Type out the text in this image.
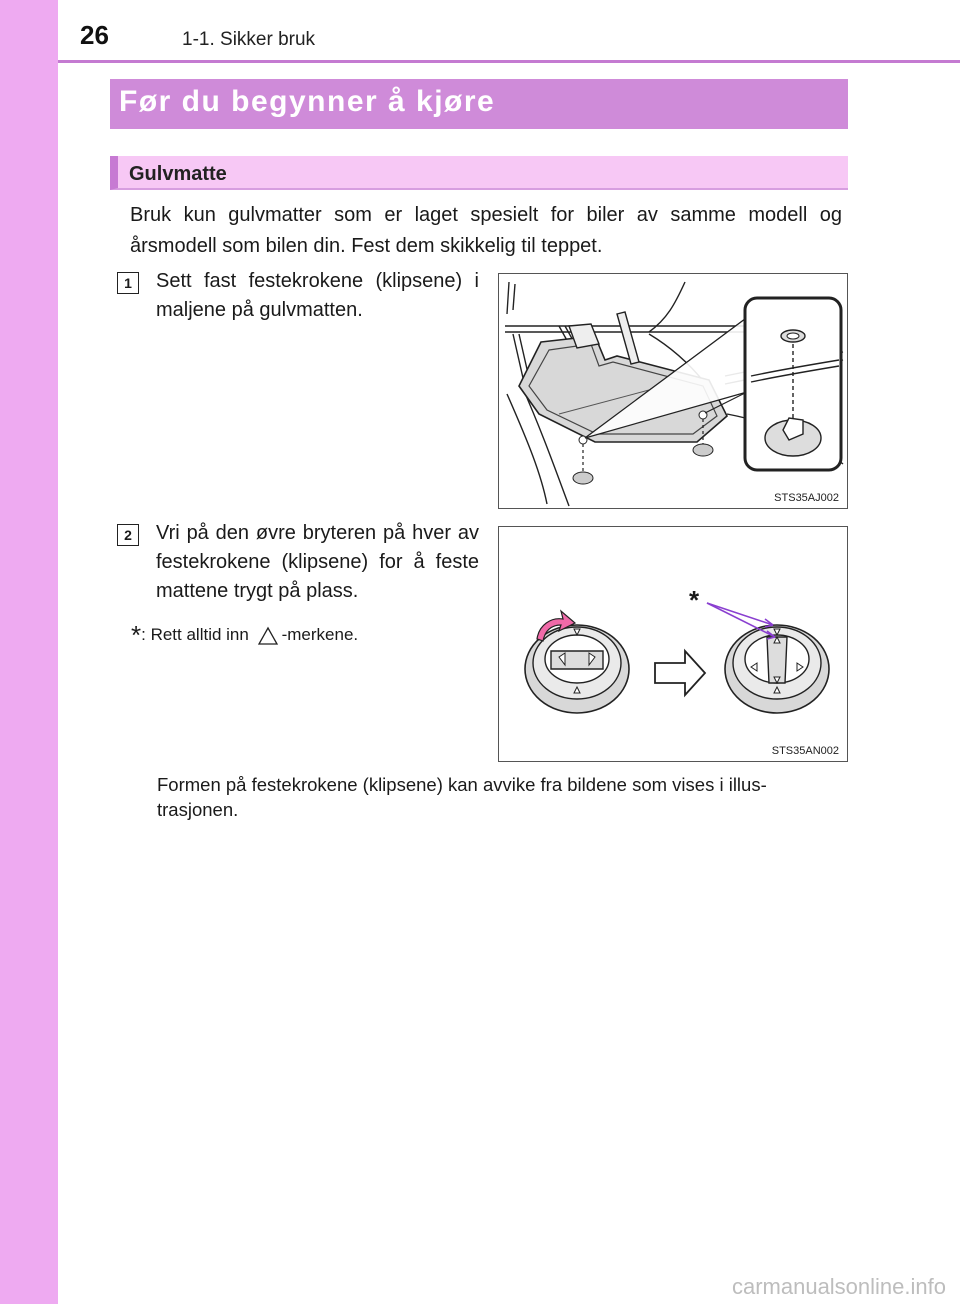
26	1-1. Sikker bruk
Før du begynner å kjøre
Gulvmatte
Bruk kun gulvmatter som er laget spesielt for biler av samme modell og årsmodell som bilen din. Fest dem skikkelig til teppet.
1	Sett fast festekrokene (klipsene) i maljene på gulvmatten.
STS35AJ002
2	Vri på den øvre bryteren på hver av festekrokene (klipsene) for å feste mattene trygt på plass.
*: Rett alltid inn -merkene.
*
STS35AN002
Formen på festekrokene (klipsene) kan avvike fra bildene som vises i illus-trasjonen.
carmanualsonline.info
